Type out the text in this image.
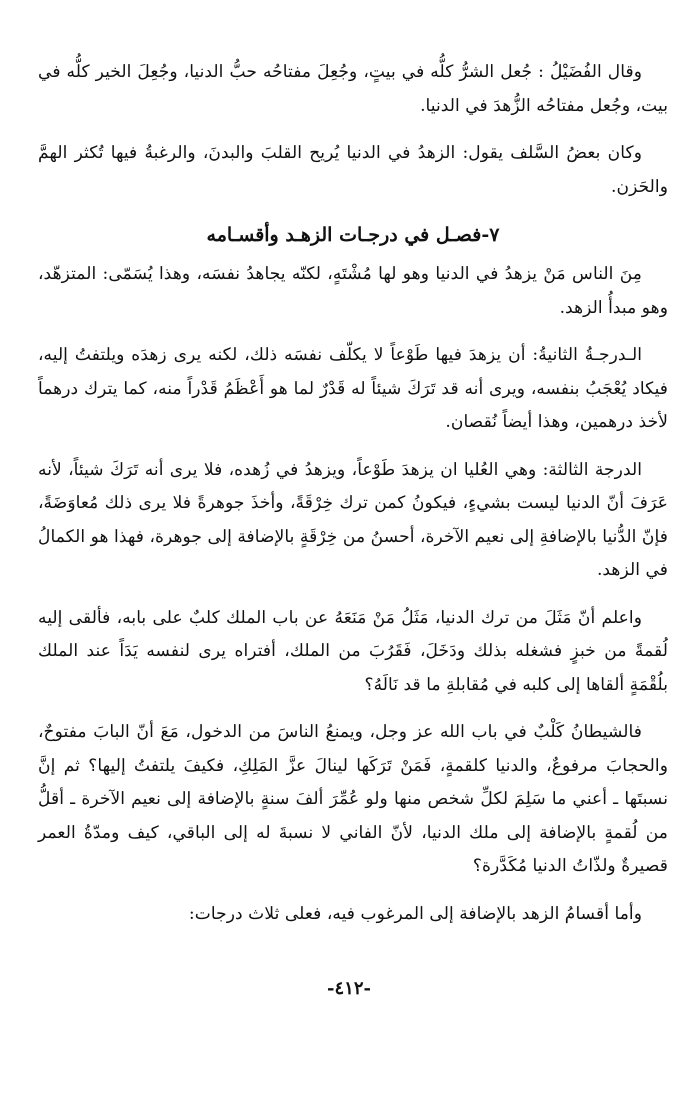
وقال الفُضَيْلُ : جُعل الشرُّ كلُّه في بيتٍ، وجُعِلَ مفتاحُه حبُّ الدنيا، وجُعِلَ الخير كلُّه في بيت، وجُعل مفتاحُه الزُّهدَ في الدنيا.

وكان بعضُ السَّلف يقول: الزهدُ في الدنيا يُريح القلبَ والبدنَ، والرغبةُ فيها تُكثر الهمَّ والحَزن.

٧-فصـل في درجـات الزهـد وأقسـامه

مِنَ الناس مَنْ يزهدُ في الدنيا وهو لها مُشْتَهٍ، لكنّه يجاهدُ نفسَه، وهذا يُسَمّى: المتزهّد، وهو مبدأُ الزهد.

الـدرجـةُ الثانيةُ: أن يزهدَ فيها طَوْعاً لا يكلّف نفسَه ذلك، لكنه يرى زهدَه ويلتفتُ إليه، فيكاد يُعْجَبُ بنفسه، ويرى أنه قد تَرَكَ شيئاً له قَدْرٌ لما هو أَعْظَمُ قَدْراً منه، كما يترك درهماً لأخذ درهمين، وهذا أيضاً نُقصان.

الدرجة الثالثة: وهي العُليا ان يزهدَ طَوْعاً، ويزهدُ في زُهده، فلا يرى أنه تَرَكَ شيئاً، لأنه عَرَفَ أنّ الدنيا ليست بشيءٍ، فيكونُ كمن ترك خِرْقَةً، وأخذَ جوهرةً فلا يرى ذلك مُعاوَضَةً، فإنّ الدُّنيا بالإضافةِ إلى نعيم الآخرة، أحسنُ من خِرْقَةٍ بالإضافة إلى جوهرة، فهذا هو الكمالُ في الزهد.

واعلم أنّ مَثَلَ من ترك الدنيا، مَثَلُ مَنْ مَنَعَهُ عن باب الملك كلبٌ على بابه، فألقى إليه لُقمةً من خبزٍ فشغله بذلك ودَخَلَ، فَقَرُبَ من الملك، أفتراه يرى لنفسه يَدَاً عند الملك بلُقْمَةٍ ألقاها إلى كلبه في مُقابلةِ ما قد نَالَهُ؟

فالشيطانُ كَلْبٌ في باب الله عز وجل، ويمنعُ الناسَ من الدخول، مَعَ أنّ البابَ مفتوحٌ، والحجابَ مرفوعٌ، والدنيا كلقمةٍ، فَمَنْ تَرَكَها لينالَ عزَّ المَلِكِ، فكيفَ يلتفتُ إليها؟ ثم إنَّ نسبتَها ـ أعني ما سَلِمَ لكلِّ شخص منها ولو عُمِّرَ ألفَ سنةٍ بالإضافة إلى نعيم الآخرة ـ أقلُّ من لُقمةٍ بالإضافة إلى ملك الدنيا، لأنّ الفاني لا نسبةَ له إلى الباقي، كيف ومدّةُ العمر قصيرةٌ ولذّاتُ الدنيا مُكَدَّرة؟

وأما أقسامُ الزهد بالإضافة إلى المرغوب فيه، فعلى ثلاث درجات:

-٤١٢-
